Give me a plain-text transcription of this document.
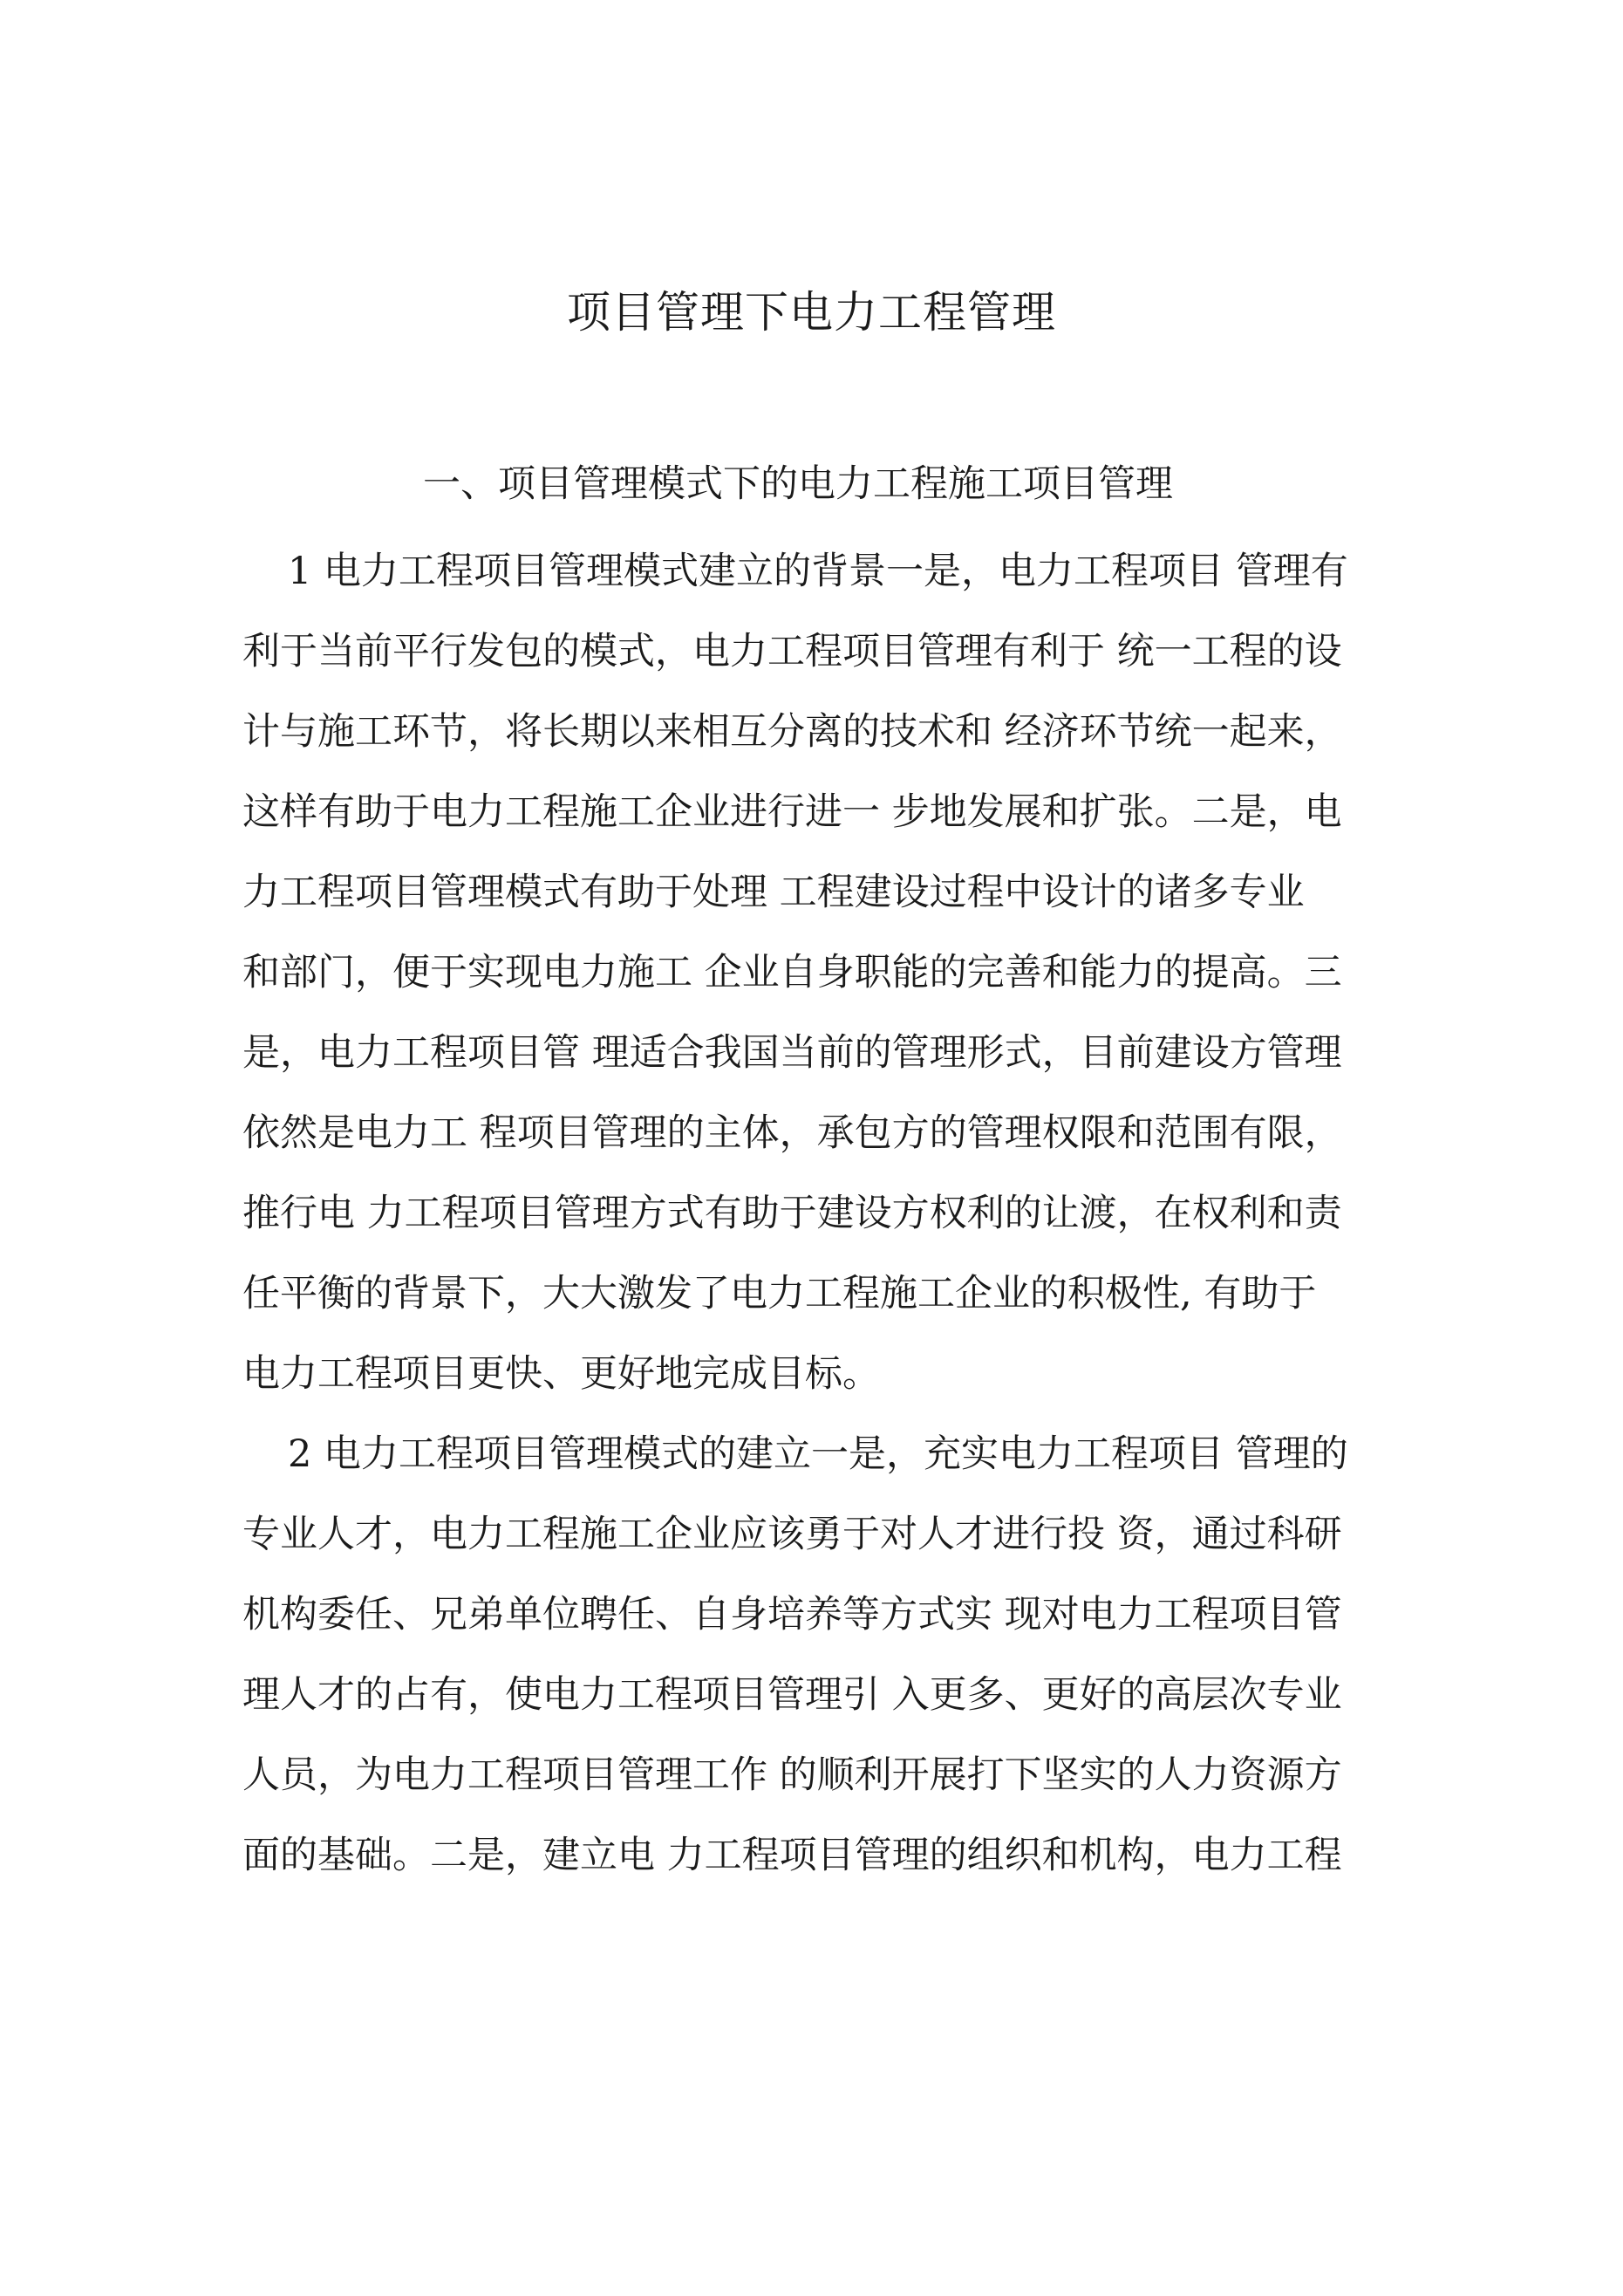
项目管理下电力工程管理
一、项目管理模式下的电力工程施工项目管理
1 电力工程项目管理模式建立的背景一是，电力工程项目 管理有
利于当前平行发包的模式，电力工程项目管理有利于 统一工程的设
计与施工环节，将长期以来相互分离的技术和 经济环节统一起来，
这样有助于电力工程施工企业进行进一 步地发展和扩张。二是，电
力工程项目管理模式有助于处理 工程建设过程中设计的诸多专业
和部门，便于实现电力施工 企业自身职能的完善和能力的提高。三
是，电力工程项目管 理适合我国当前的管理形式，目前建设方管理
依然是电力工 程项目管理的主体，承包方的管理权限和范围有限，
推行电 力工程项目管理方式有助于建设方权利的让渡，在权利和责
任平衡的背景下，大大激发了电力工程施工企业的积极性, 有助于
电力工程项目更快、更好地完成目标。
2 电力工程项目管理模式的建立一是，充实电力工程项目 管理的
专业人才，电力工程施工企业应该勇于对人才进行投 资，通过科研
机构委任、兄弟单位聘任、自身培养等方式实 现对电力工程项目管
理人才的占有，使电力工程项目管理引 入更多、更好的高层次专业
人员，为电力工程项目管理工作 的顺利开展打下坚实的人力资源方
面的基础。二是，建立电 力工程项目管理的组织和机构，电力工程
